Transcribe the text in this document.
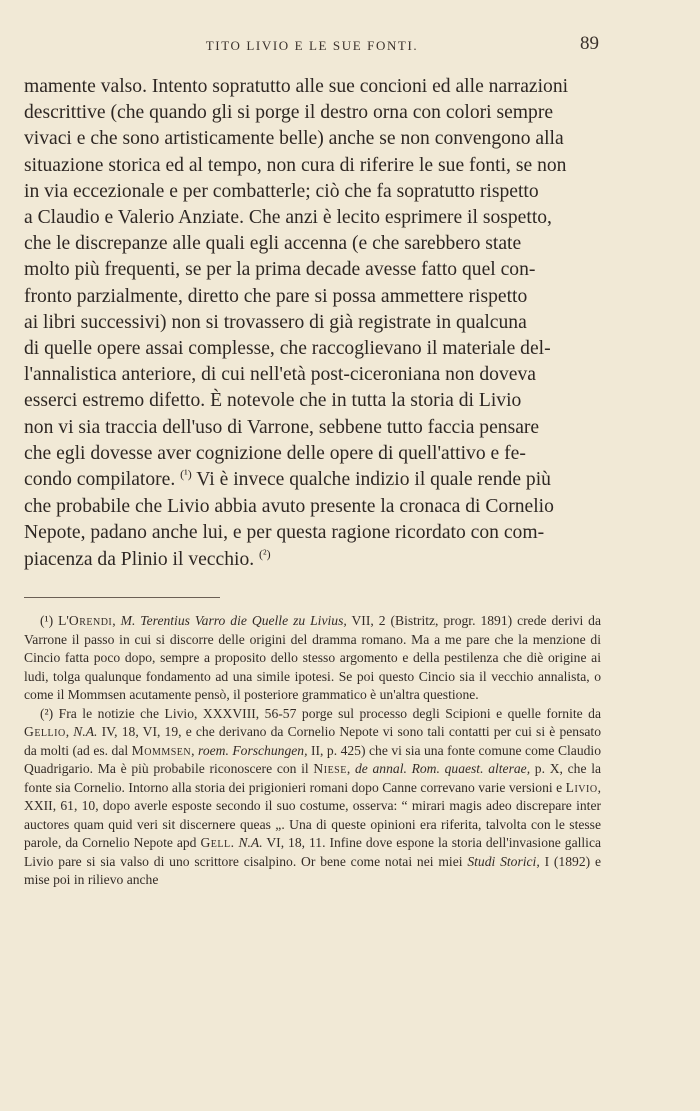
TITO LIVIO E LE SUE FONTI.	89

mamente valso. Intento sopratutto alle sue concioni ed alle narrazioni
descrittive (che quando gli si porge il destro orna con colori sempre
vivaci e che sono artisticamente belle) anche se non convengono alla
situazione storica ed al tempo, non cura di riferire le sue fonti, se non
in via eccezionale e per combatterle; ciò che fa sopratutto rispetto
a Claudio e Valerio Anziate. Che anzi è lecito esprimere il sospetto,
che le discrepanze alle quali egli accenna (e che sarebbero state
molto più frequenti, se per la prima decade avesse fatto quel con-
fronto parzialmente, diretto che pare si possa ammettere rispetto
ai libri successivi) non si trovassero di già registrate in qualcuna
di quelle opere assai complesse, che raccoglievano il materiale del-
l'annalistica anteriore, di cui nell'età post-ciceroniana non doveva
esserci estremo difetto. È notevole che in tutta la storia di Livio
non vi sia traccia dell'uso di Varrone, sebbene tutto faccia pensare
che egli dovesse aver cognizione delle opere di quell'attivo e fe-
condo compilatore. $^{(^1)}$ Vi è invece qualche indizio il quale rende più
che probabile che Livio abbia avuto presente la cronaca di Cornelio
Nepote, padano anche lui, e per questa ragione ricordato con com-
piacenza da Plinio il vecchio. $^{(^2)}$

(¹) L'Orendi, M. Terentius Varro die Quelle zu Livius, VII, 2 (Bistritz, progr. 1891) crede derivi da Varrone il passo in cui si discorre delle origini del dramma romano. Ma a me pare che la menzione di Cincio fatta poco dopo, sempre a proposito dello stesso argomento e della pestilenza che diè origine ai ludi, tolga qualunque fondamento ad una simile ipotesi. Se poi questo Cincio sia il vecchio annalista, o come il Mommsen acutamente pensò, il posteriore grammatico è un'altra questione.

(²) Fra le notizie che Livio, XXXVIII, 56-57 porge sul processo degli Scipioni e quelle fornite da Gellio, N.A. IV, 18, VI, 19, e che derivano da Cornelio Nepote vi sono tali contatti per cui si è pensato da molti (ad es. dal Mommsen, roem. Forschungen, II, p. 425) che vi sia una fonte comune come Claudio Quadrigario. Ma è più probabile riconoscere con il Niese, de annal. Rom. quaest. alterae, p. X, che la fonte sia Cornelio. Intorno alla storia dei prigionieri romani dopo Canne correvano varie versioni e Livio, XXII, 61, 10, dopo averle esposte secondo il suo costume, osserva: “ mirari magis adeo discrepare inter auctores quam quid veri sit discernere queas „. Una di queste opinioni era riferita, talvolta con le stesse parole, da Cornelio Nepote apd Gell. N.A. VI, 18, 11. Infine dove espone la storia dell'invasione gallica Livio pare si sia valso di uno scrittore cisalpino. Or bene come notai nei miei Studi Storici, I (1892) e mise poi in rilievo anche
